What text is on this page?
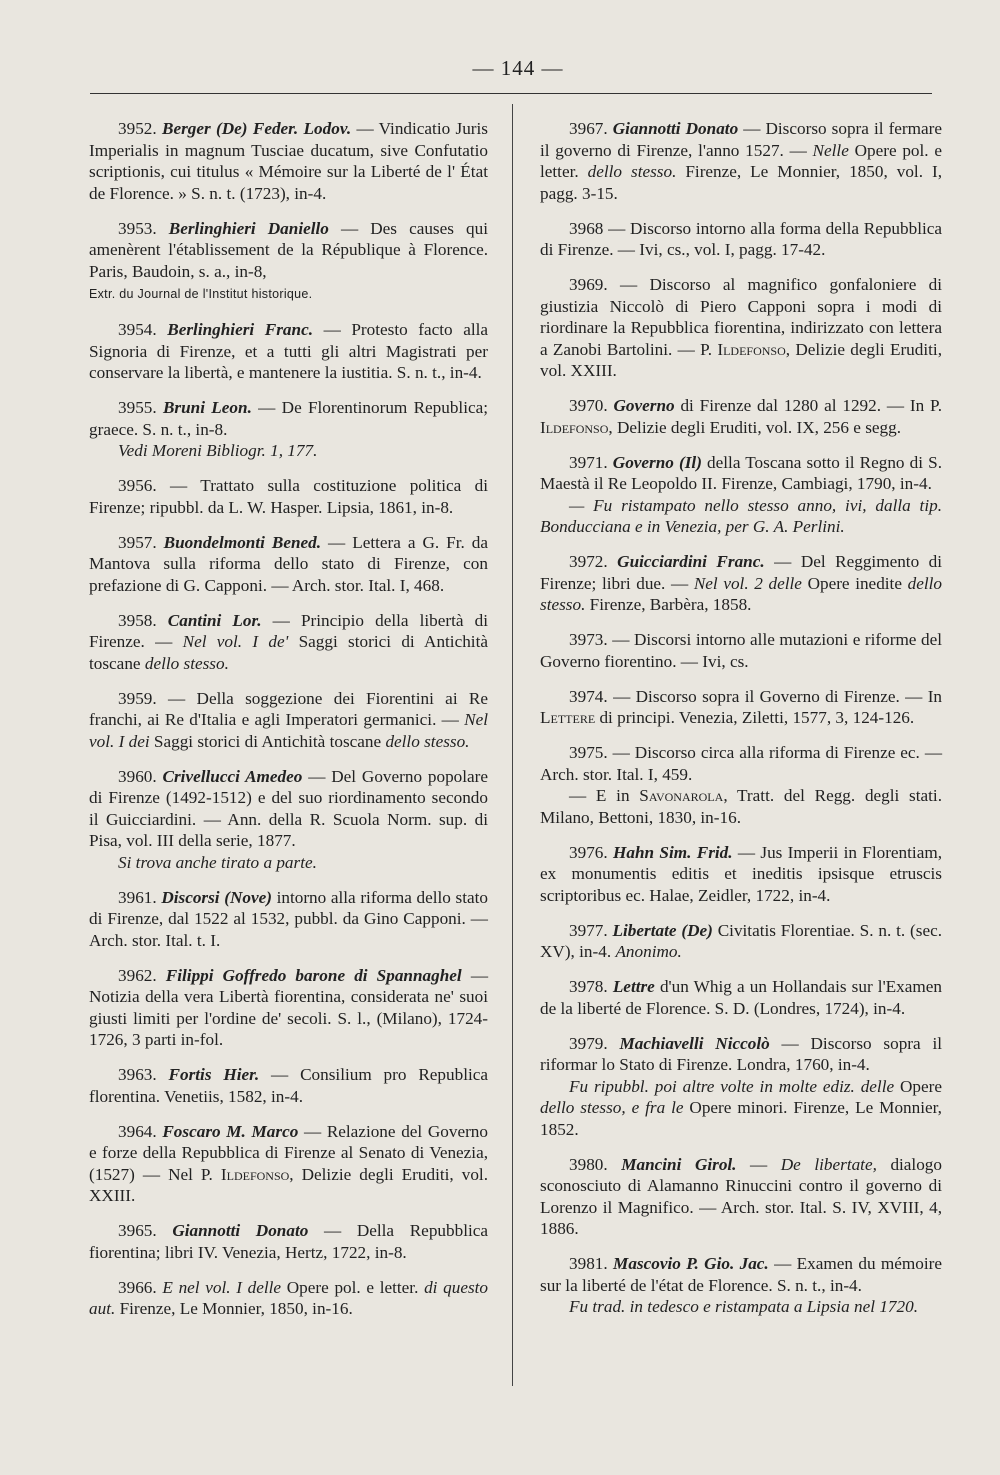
— 144 —

3952. Berger (De) Feder. Lodov. — Vindicatio Juris Imperialis in magnum Tusciae ducatum, sive Confutatio scriptionis, cui titulus « Mémoire sur la Liberté de l' État de Florence. » S. n. t. (1723), in-4.

3953. Berlinghieri Daniello — Des causes qui amenèrent l'établissement de la République à Florence. Paris, Baudoin, s. a., in-8,

Extr. du Journal de l'Institut historique.

3954. Berlinghieri Franc. — Protesto facto alla Signoria di Firenze, et a tutti gli altri Magistrati per conservare la libertà, e mantenere la iustitia. S. n. t., in-4.

3955. Bruni Leon. — De Florentinorum Republica; graece. S. n. t., in-8.

Vedi Moreni Bibliogr. 1, 177.

3956. — Trattato sulla costituzione politica di Firenze; ripubbl. da L. W. Hasper. Lipsia, 1861, in-8.

3957. Buondelmonti Bened. — Lettera a G. Fr. da Mantova sulla riforma dello stato di Firenze, con prefazione di G. Capponi. — Arch. stor. Ital. I, 468.

3958. Cantini Lor. — Principio della libertà di Firenze. — Nel vol. I de' Saggi storici di Antichità toscane dello stesso.

3959. — Della soggezione dei Fiorentini ai Re franchi, ai Re d'Italia e agli Imperatori germanici. — Nel vol. I dei Saggi storici di Antichità toscane dello stesso.

3960. Crivellucci Amedeo — Del Governo popolare di Firenze (1492-1512) e del suo riordinamento secondo il Guicciardini. — Ann. della R. Scuola Norm. sup. di Pisa, vol. III della serie, 1877.

Si trova anche tirato a parte.

3961. Discorsi (Nove) intorno alla riforma dello stato di Firenze, dal 1522 al 1532, pubbl. da Gino Capponi. — Arch. stor. Ital. t. I.

3962. Filippi Goffredo barone di Spannaghel — Notizia della vera Libertà fiorentina, considerata ne' suoi giusti limiti per l'ordine de' secoli. S. l., (Milano), 1724-1726, 3 parti in-fol.

3963. Fortis Hier. — Consilium pro Republica florentina. Venetiis, 1582, in-4.

3964. Foscaro M. Marco — Relazione del Governo e forze della Repubblica di Firenze al Senato di Venezia, (1527) — Nel P. Ildefonso, Delizie degli Eruditi, vol. XXIII.

3965. Giannotti Donato — Della Repubblica fiorentina; libri IV. Venezia, Hertz, 1722, in-8.

3966. E nel vol. I delle Opere pol. e letter. di questo aut. Firenze, Le Monnier, 1850, in-16.

3967. Giannotti Donato — Discorso sopra il fermare il governo di Firenze, l'anno 1527. — Nelle Opere pol. e letter. dello stesso. Firenze, Le Monnier, 1850, vol. I, pagg. 3-15.

3968 — Discorso intorno alla forma della Repubblica di Firenze. — Ivi, cs., vol. I, pagg. 17-42.

3969. — Discorso al magnifico gonfaloniere di giustizia Niccolò di Piero Capponi sopra i modi di riordinare la Repubblica fiorentina, indirizzato con lettera a Zanobi Bartolini. — P. Ildefonso, Delizie degli Eruditi, vol. XXIII.

3970. Governo di Firenze dal 1280 al 1292. — In P. Ildefonso, Delizie degli Eruditi, vol. IX, 256 e segg.

3971. Governo (Il) della Toscana sotto il Regno di S. Maestà il Re Leopoldo II. Firenze, Cambiagi, 1790, in-4.

— Fu ristampato nello stesso anno, ivi, dalla tip. Bonducciana e in Venezia, per G. A. Perlini.

3972. Guicciardini Franc. — Del Reggimento di Firenze; libri due. — Nel vol. 2 delle Opere inedite dello stesso. Firenze, Barbèra, 1858.

3973. — Discorsi intorno alle mutazioni e riforme del Governo fiorentino. — Ivi, cs.

3974. — Discorso sopra il Governo di Firenze. — In Lettere di principi. Venezia, Ziletti, 1577, 3, 124-126.

3975. — Discorso circa alla riforma di Firenze ec. — Arch. stor. Ital. I, 459.

— E in Savonarola, Tratt. del Regg. degli stati. Milano, Bettoni, 1830, in-16.

3976. Hahn Sim. Frid. — Jus Imperii in Florentiam, ex monumentis editis et ineditis ipsisque etruscis scriptoribus ec. Halae, Zeidler, 1722, in-4.

3977. Libertate (De) Civitatis Florentiae. S. n. t. (sec. XV), in-4. Anonimo.

3978. Lettre d'un Whig a un Hollandais sur l'Examen de la liberté de Florence. S. D. (Londres, 1724), in-4.

3979. Machiavelli Niccolò — Discorso sopra il riformar lo Stato di Firenze. Londra, 1760, in-4.

Fu ripubbl. poi altre volte in molte ediz. delle Opere dello stesso, e fra le Opere minori. Firenze, Le Monnier, 1852.

3980. Mancini Girol. — De libertate, dialogo sconosciuto di Alamanno Rinuccini contro il governo di Lorenzo il Magnifico. — Arch. stor. Ital. S. IV, XVIII, 4, 1886.

3981. Mascovio P. Gio. Jac. — Examen du mémoire sur la liberté de l'état de Florence. S. n. t., in-4.

Fu trad. in tedesco e ristampata a Lipsia nel 1720.
